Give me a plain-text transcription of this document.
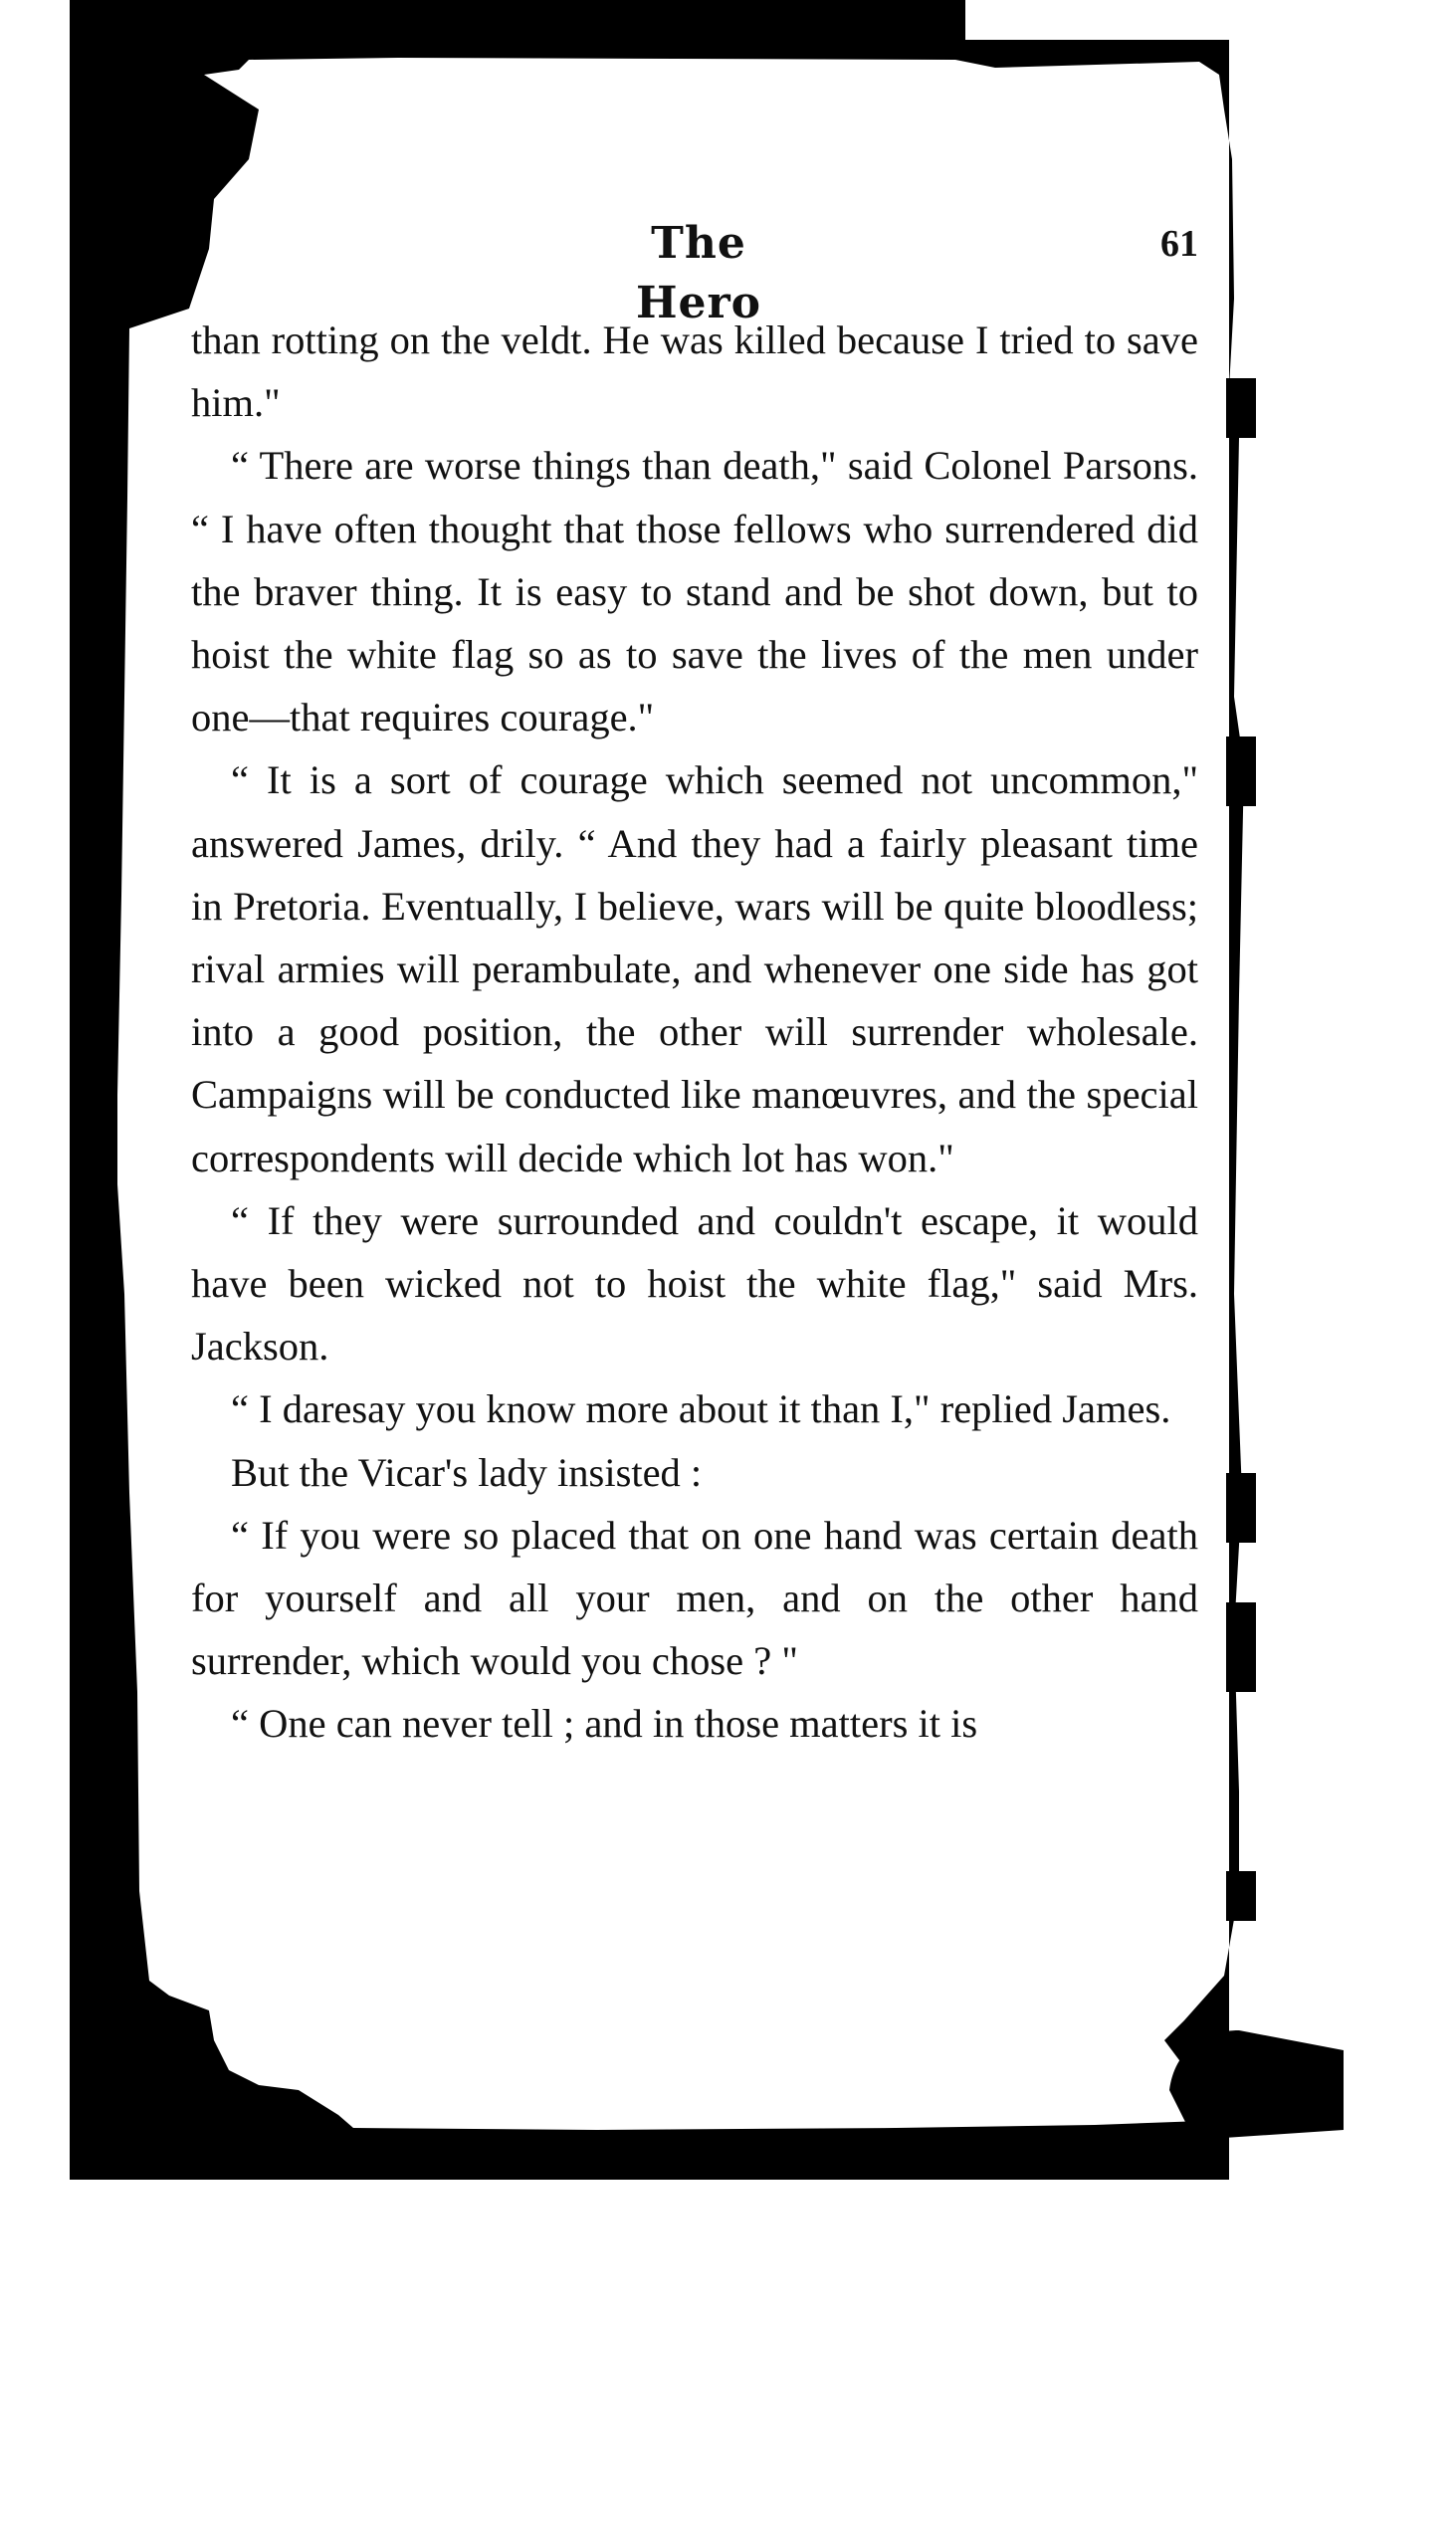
The Hero
61

than rotting on the veldt. He was killed because I tried to save him."

“ There are worse things than death," said Colonel Parsons. “ I have often thought that those fellows who surrendered did the braver thing. It is easy to stand and be shot down, but to hoist the white flag so as to save the lives of the men under one—that requires courage."

“ It is a sort of courage which seemed not uncommon," answered James, drily. “ And they had a fairly pleasant time in Pretoria. Eventually, I believe, wars will be quite bloodless; rival armies will perambulate, and whenever one side has got into a good position, the other will surrender wholesale. Campaigns will be conducted like manœuvres, and the special correspondents will decide which lot has won."

“ If they were surrounded and couldn't escape, it would have been wicked not to hoist the white flag," said Mrs. Jackson.

“ I daresay you know more about it than I," replied James.

But the Vicar's lady insisted :

“ If you were so placed that on one hand was certain death for yourself and all your men, and on the other hand surrender, which would you chose ? "

“ One can never tell ; and in those matters it is
